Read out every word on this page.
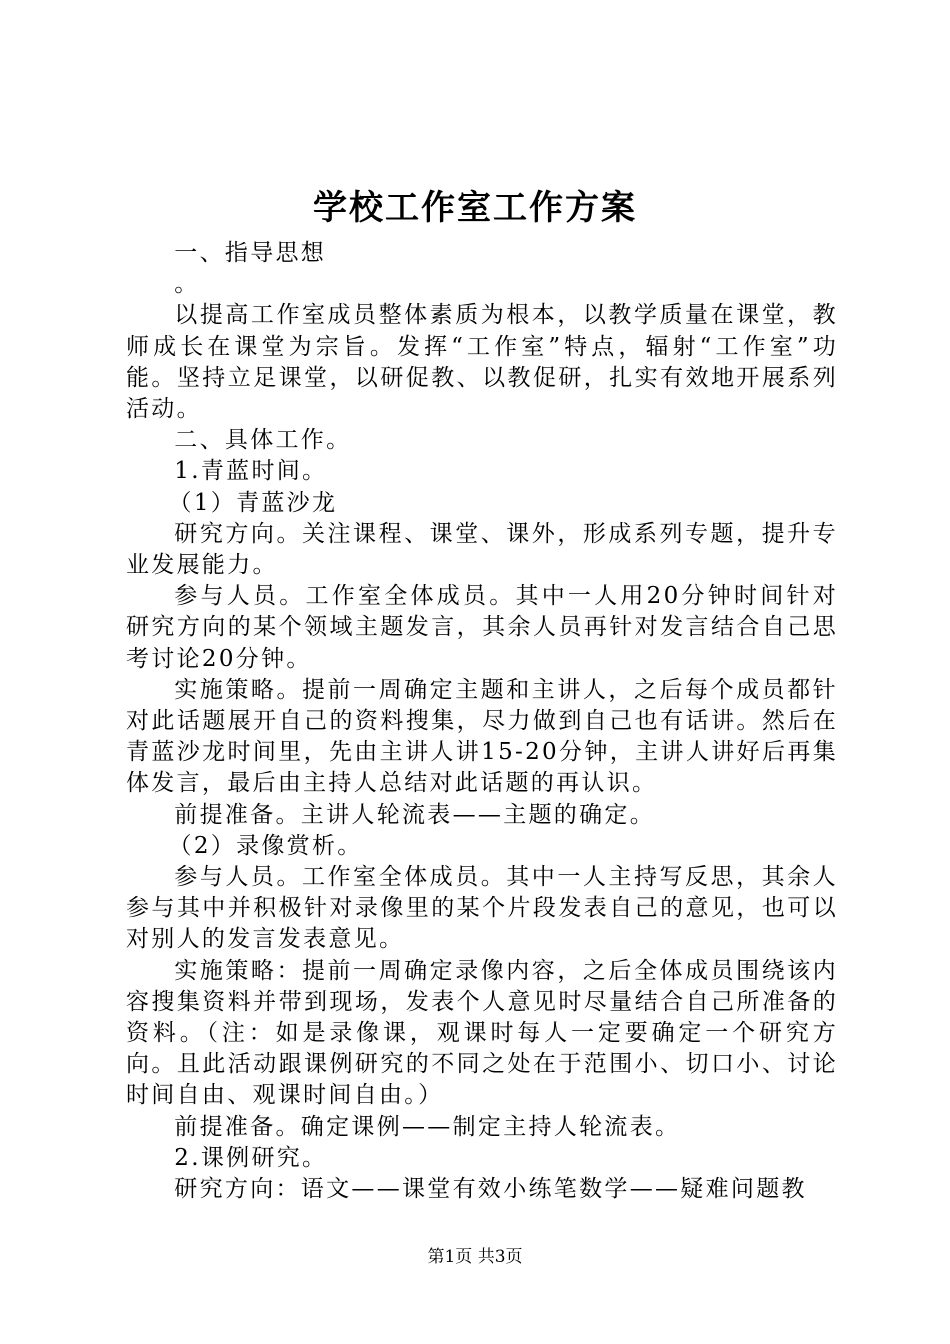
学校工作室工作方案

一、指导思想

。

以提高工作室成员整体素质为根本，以教学质量在课堂，教师成长在课堂为宗旨。发挥“工作室”特点，辐射“工作室”功能。坚持立足课堂，以研促教、以教促研，扎实有效地开展系列活动。

二、具体工作。

1.青蓝时间。

（1）青蓝沙龙

研究方向。关注课程、课堂、课外，形成系列专题，提升专业发展能力。

参与人员。工作室全体成员。其中一人用20分钟时间针对研究方向的某个领域主题发言，其余人员再针对发言结合自己思考讨论20分钟。

实施策略。提前一周确定主题和主讲人，之后每个成员都针对此话题展开自己的资料搜集，尽力做到自己也有话讲。然后在青蓝沙龙时间里，先由主讲人讲15-20分钟，主讲人讲好后再集体发言，最后由主持人总结对此话题的再认识。

前提准备。主讲人轮流表——主题的确定。

（2）录像赏析。

参与人员。工作室全体成员。其中一人主持写反思，其余人参与其中并积极针对录像里的某个片段发表自己的意见，也可以对别人的发言发表意见。

实施策略：提前一周确定录像内容，之后全体成员围绕该内容搜集资料并带到现场，发表个人意见时尽量结合自己所准备的资料。（注：如是录像课，观课时每人一定要确定一个研究方向。且此活动跟课例研究的不同之处在于范围小、切口小、讨论时间自由、观课时间自由。）

前提准备。确定课例——制定主持人轮流表。

2.课例研究。

研究方向：语文——课堂有效小练笔数学——疑难问题教

第1页 共3页
